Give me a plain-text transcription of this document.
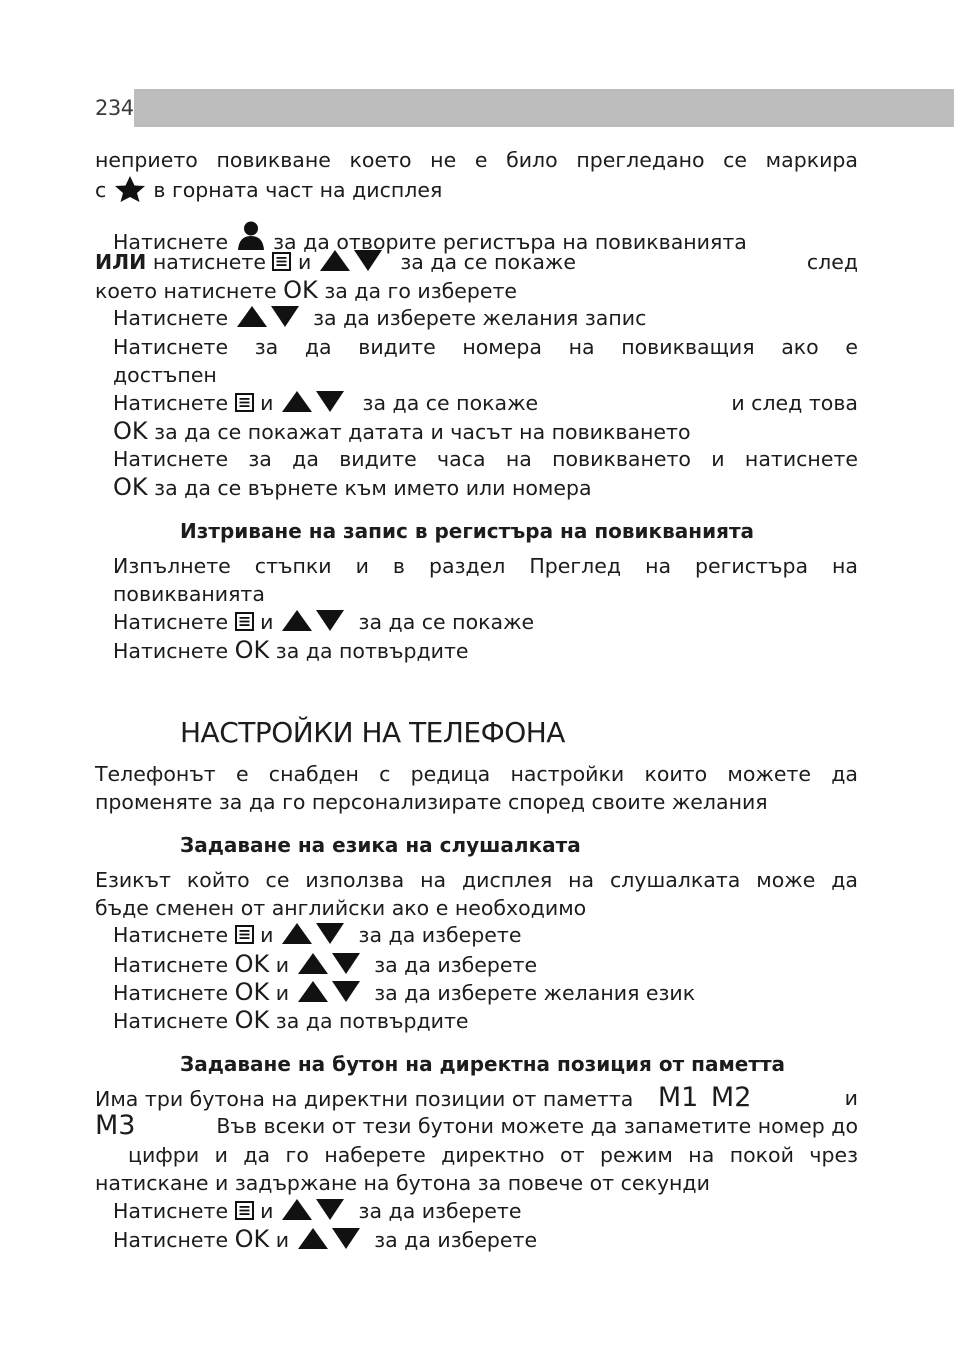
234
неприето повикване което не е било прегледано се маркира
с в горната част на дисплея
Натиснете за да отворите регистъра на повикванията
ИЛИ натиснете и	за да се покаже	след
което натиснете OK за да го изберете
Натиснете	за да изберете желания запис
Натиснете за да видите номера на повикващия ако е
достъпен
Натиснете и	за да се покаже	и след това
OK за да се покажат датата и часът на повикването
Натиснете за да видите часа на повикването и натиснете
OK за да се върнете към името или номера
Изтриване на запис в регистъра на повикванията
Изпълнете стъпки и в раздел Преглед на регистъра на
повикванията
Натиснете и	за да се покаже
Натиснете OK за да потвърдите
НАСТРОЙКИ НА ТЕЛЕФОНА
Телефонът е снабден с редица настройки които можете да
променяте за да го персонализирате според своите желания
Задаване на езика на слушалката
Езикът който се използва на дисплея на слушалката може да
бъде сменен от английски ако е необходимо
Натиснете и	за да изберете
Натиснете OK и	за да изберете
Натиснете OK и	за да изберете желания език
Натиснете OK за да потвърдите
Задаване на бутон на директна позиция от паметта
Има три бутона на директни позиции от паметта M1 M2	и
M3	Във всеки от тези бутони можете да запаметите номер до
цифри и да го наберете директно от режим на покой чрез
натискане и задържане на бутона за повече от секунди
Натиснете и	за да изберете
Натиснете OK и	за да изберете
